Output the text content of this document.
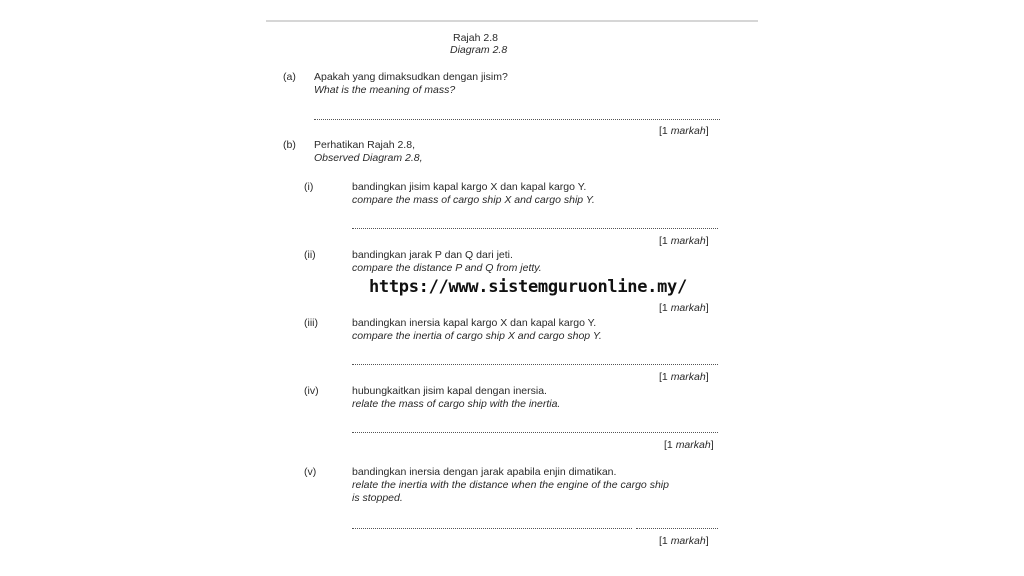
Rajah 2.8
Diagram 2.8
(a) Apakah yang dimaksudkan dengan jisim?
What is the meaning of mass?
[1 markah]
(b) Perhatikan Rajah 2.8,
Observed Diagram 2.8,
(i)	bandingkan jisim kapal kargo X dan kapal kargo Y.
compare the mass of cargo ship X and cargo ship Y.
[1 markah]
(ii)	bandingkan jarak P dan Q dari jeti.
compare the distance P and Q from jetty.
[1 markah]
(iii)	bandingkan inersia kapal kargo X dan kapal kargo Y.
compare the inertia of cargo ship X and cargo shop Y.
[1 markah]
(iv)	hubungkaitkan jisim kapal dengan inersia.
relate the mass of cargo ship with the inertia.
[1 markah]
(v)	bandingkan inersia dengan jarak apabila enjin dimatikan.
relate the inertia with the distance when the engine of the cargo ship
is stopped.
[1 markah]
https://www.sistemguruonline.my/
